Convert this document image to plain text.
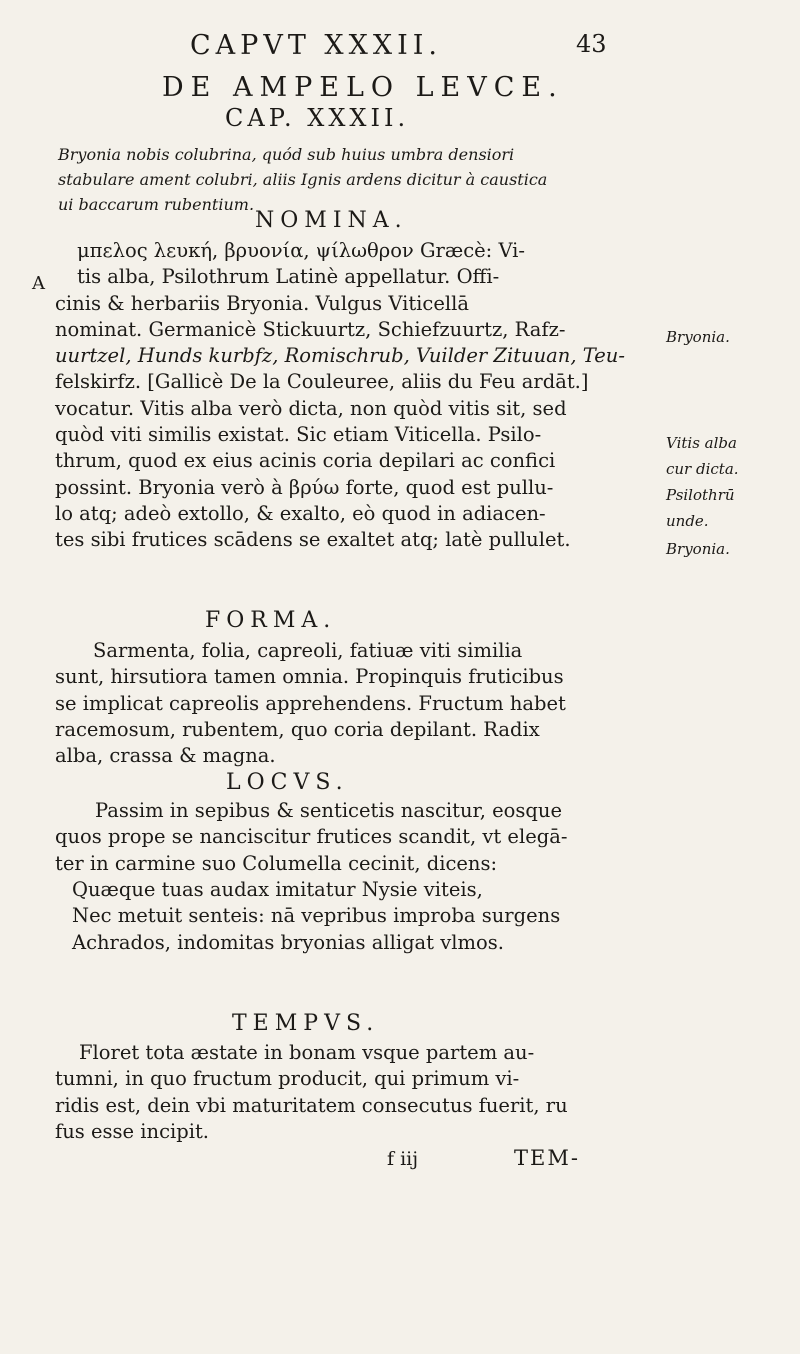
CAPVT XXXII.	43
DE AMPELO LEVCE.
CAP. XXXII.
Bryonia nobis colubrina, quód sub huius umbra densiori
stabulare ament colubri, aliis Ignis ardens dicitur à caustica
ui baccarum rubentium.
NOMINA.
A
μπελος λευκή, βρυονία, ψίλωθρον Græcè: Vi-
tis alba, Psilothrum Latinè appellatur. Offi-
cinis & herbariis Bryonia. Vulgus Viticellā
nominat. Germanicè Stickuurtz, Schiefzuurtz, Rafz-
uurtzel, Hunds kurbfz, Romischrub, Vuilder Zituuan, Teu-
felskirfz. [Gallicè De la Couleuree, aliis du Feu ardāt.]
vocatur. Vitis alba verò dicta, non quòd vitis sit, sed
quòd viti similis existat. Sic etiam Viticella. Psilo-
thrum, quod ex eius acinis coria depilari ac confici
possint. Bryonia verò à βρύω forte, quod est pullu-
lo atq; adeò extollo, & exalto, eò quod in adiacen-
tes sibi frutices scādens se exaltet atq; latè pullulet.
Bryonia.
Vitis alba
cur dicta.
Psilothrū
unde.
Bryonia.
FORMA.
Sarmenta, folia, capreoli, fatiuæ viti similia
sunt, hirsutiora tamen omnia. Propinquis fruticibus
se implicat capreolis apprehendens. Fructum habet
racemosum, rubentem, quo coria depilant. Radix
alba, crassa & magna.
LOCVS.
Passim in sepibus & senticetis nascitur, eosque
quos prope se nanciscitur frutices scandit, vt elegā-
ter in carmine suo Columella cecinit, dicens:
Quæque tuas audax imitatur Nysie viteis,
Nec metuit senteis: nā vepribus improba surgens
Achrados, indomitas bryonias alligat vlmos.
TEMPVS.
Floret tota æstate in bonam vsque partem au-
tumni, in quo fructum producit, qui primum vi-
ridis est, dein vbi maturitatem consecutus fuerit, ru
fus esse incipit.
f iij	TEM-
